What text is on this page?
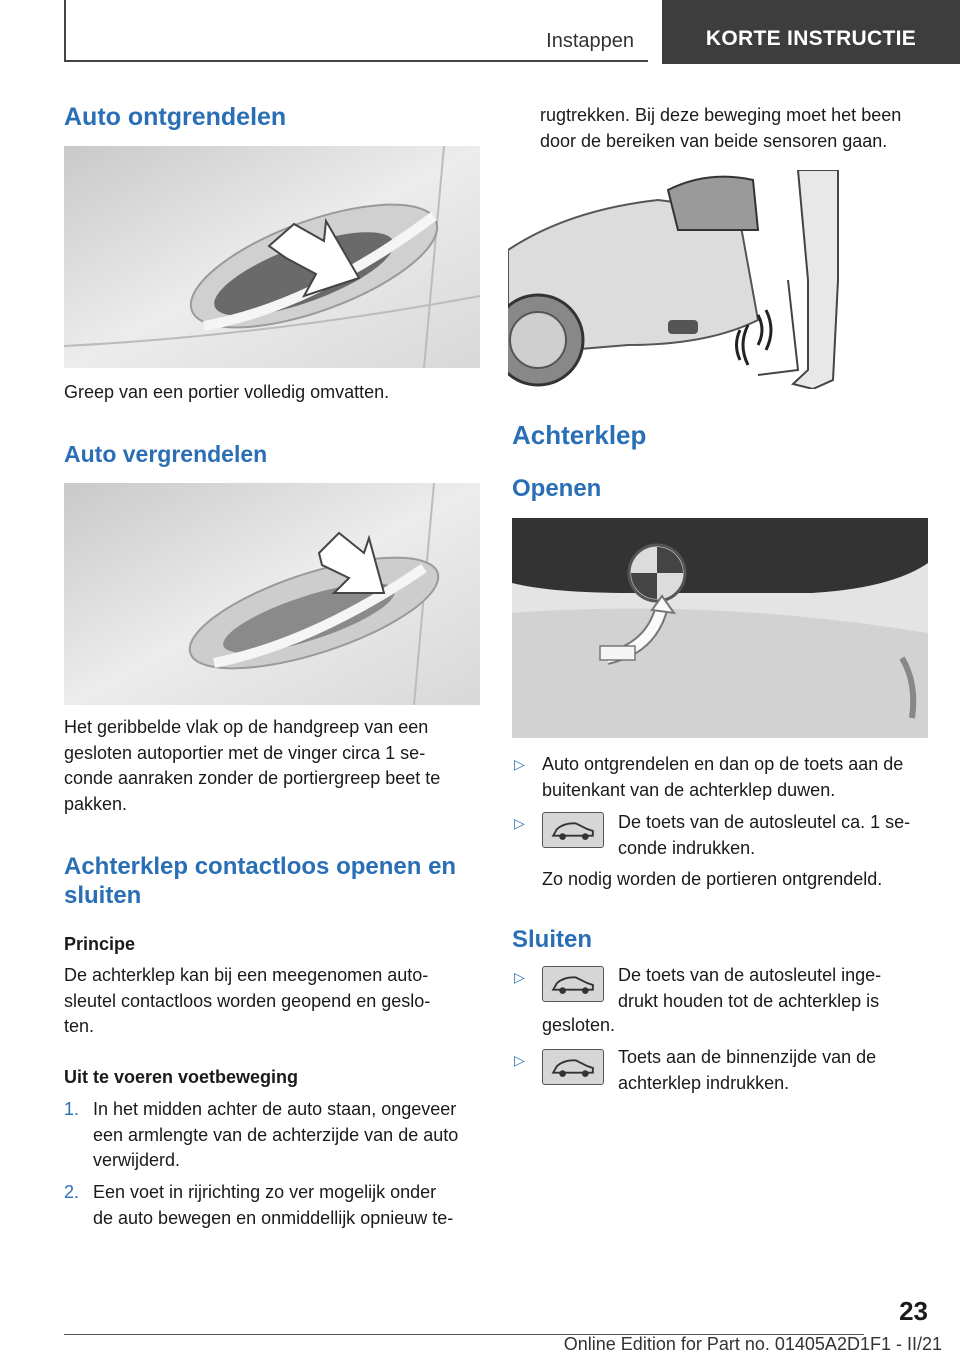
Instappen	KORTE INSTRUCTIE
Auto ontgrendelen
Greep van een portier volledig omvatten.
Auto vergrendelen
Het geribbelde vlak op de handgreep van een
gesloten autoportier met de vinger circa 1 se-
conde aanraken zonder de portiergreep beet te
pakken.
Achterklep contactloos openen en
sluiten
Principe
De achterklep kan bij een meegenomen auto-
sleutel contactloos worden geopend en geslo-
ten.
Uit te voeren voetbeweging
1. In het midden achter de auto staan, ongeveer
een armlengte van de achterzijde van de auto
verwijderd.
2. Een voet in rijrichting zo ver mogelijk onder
de auto bewegen en onmiddellijk opnieuw te-
rugtrekken. Bij deze beweging moet het been
door de bereiken van beide sensoren gaan.
Achterklep
Openen
▷ Auto ontgrendelen en dan op de toets aan de
buitenkant van de achterklep duwen.
▷	De toets van de autosleutel ca. 1 se-
conde indrukken.
Zo nodig worden de portieren ontgrendeld.
Sluiten
▷	De toets van de autosleutel inge-
drukt houden tot de achterklep is
gesloten.
▷	Toets aan de binnenzijde van de
achterklep indrukken.
23
Online Edition for Part no. 01405A2D1F1 - II/21
